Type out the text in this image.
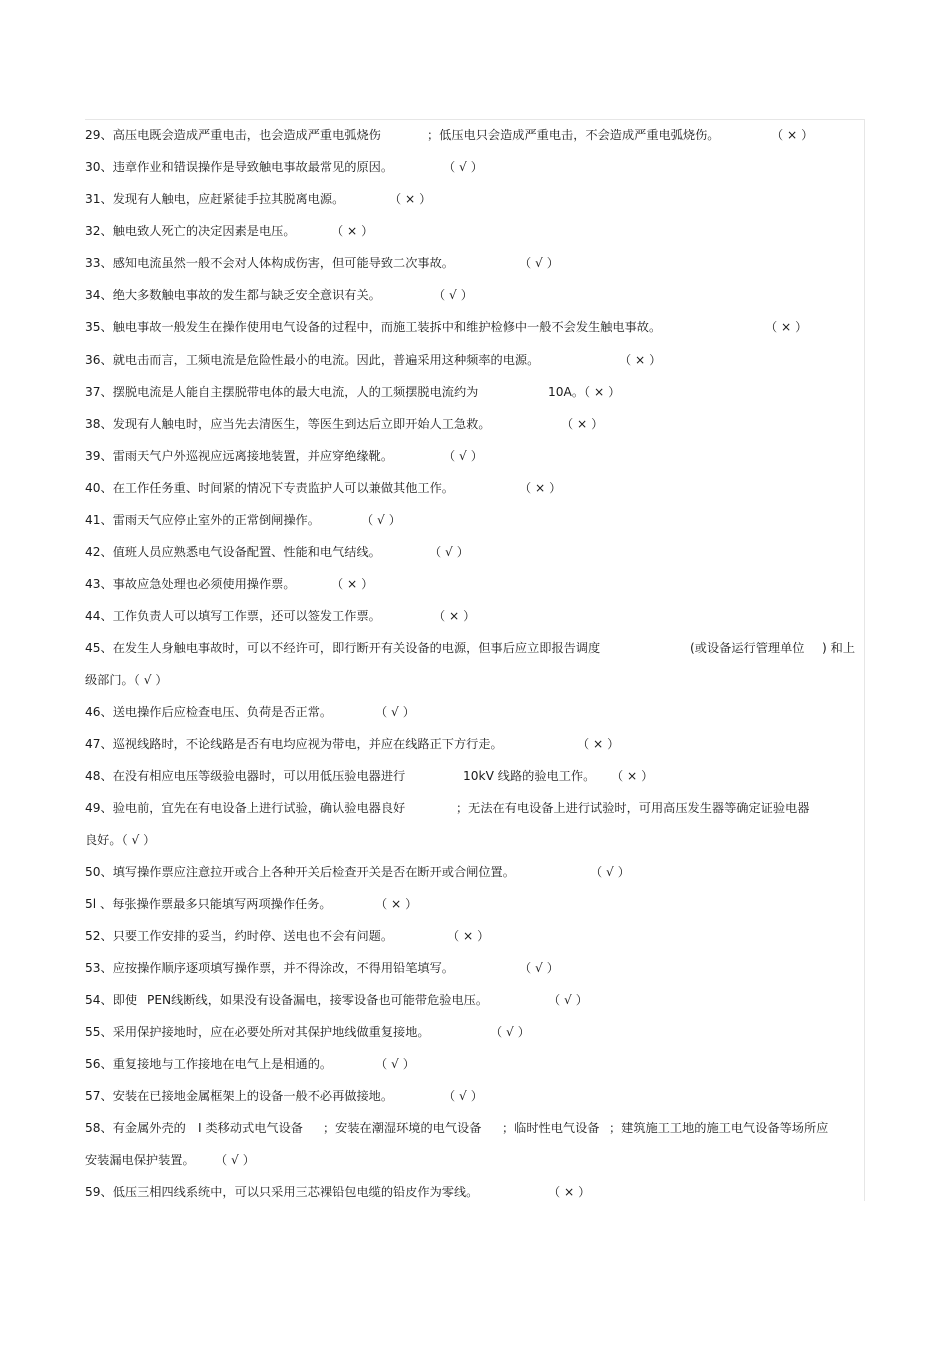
29、高压电既会造成严重电击，也会造成严重电弧烧伤	；低压电只会造成严重电击，不会造成严重电弧烧伤。	（ × ）
30、违章作业和错误操作是导致触电事故最常见的原因。	（ √ ）
31、发现有人触电，应赶紧徒手拉其脱离电源。	（ × ）
32、触电致人死亡的决定因素是电压。	（ × ）
33、感知电流虽然一般不会对人体构成伤害，但可能导致二次事故。	（ √ ）
34、绝大多数触电事故的发生都与缺乏安全意识有关。	（ √ ）
35、触电事故一般发生在操作使用电气设备的过程中，而施工装拆中和维护检修中一般不会发生触电事故。	（ × ）
36、就电击而言，工频电流是危险性最小的电流。因此，普遍采用这种频率的电源。	（ × ）
37、摆脱电流是人能自主摆脱带电体的最大电流，人的工频摆脱电流约为	10A。（ × ）
38、发现有人触电时，应当先去清医生，等医生到达后立即开始人工急救。	（ × ）
39、雷雨天气户外巡视应远离接地装置，并应穿绝缘靴。	（ √ ）
40、在工作任务重、时间紧的情况下专责监护人可以兼做其他工作。	（ × ）
41、雷雨天气应停止室外的正常倒闸操作。	（ √ ）
42、值班人员应熟悉电气设备配置、性能和电气结线。	（ √ ）
43、事故应急处理也必须使用操作票。	（ × ）
44、工作负责人可以填写工作票，还可以签发工作票。	（ × ）
45、在发生人身触电事故时，可以不经许可，即行断开有关设备的电源，但事后应立即报告调度	(或设备运行管理单位 ) 和上
级部门。（ √ ）
46、送电操作后应检查电压、负荷是否正常。	（ √ ）
47、巡视线路时，不论线路是否有电均应视为带电，并应在线路正下方行走。	（ × ）
48、在没有相应电压等级验电器时，可以用低压验电器进行	10kV 线路的验电工作。 （ × ）
49、验电前，宜先在有电设备上进行试验，确认验电器良好	；无法在有电设备上进行试验时，可用高压发生器等确定证验电器
良好。（ √ ）
50、填写操作票应注意拉开或合上各种开关后检查开关是否在断开或合闸位置。	（ √ ）
5l 、每张操作票最多只能填写两项操作任务。	（ × ）
52、只要工作安排的妥当，约时停、送电也不会有问题。	（ × ）
53、应按操作顺序逐项填写操作票，并不得涂改，不得用铅笔填写。	（ √ ）
54、即使 PEN线断线，如果没有设备漏电，接零设备也可能带危验电压。	（ √ ）
55、采用保护接地时，应在必要处所对其保护地线做重复接地。	（ √ ）
56、重复接地与工作接地在电气上是相通的。	（ √ ）
57、安装在已接地金属框架上的设备一般不必再做接地。	（ √ ）
58、有金属外壳的 Ⅰ 类移动式电气设备 ；安装在潮湿环境的电气设备 ；临时性电气设备 ；建筑施工工地的施工电气设备等场所应
安装漏电保护装置。 （ √ ）
59、低压三相四线系统中，可以只采用三芯裸铅包电缆的铅皮作为零线。	（ × ）
